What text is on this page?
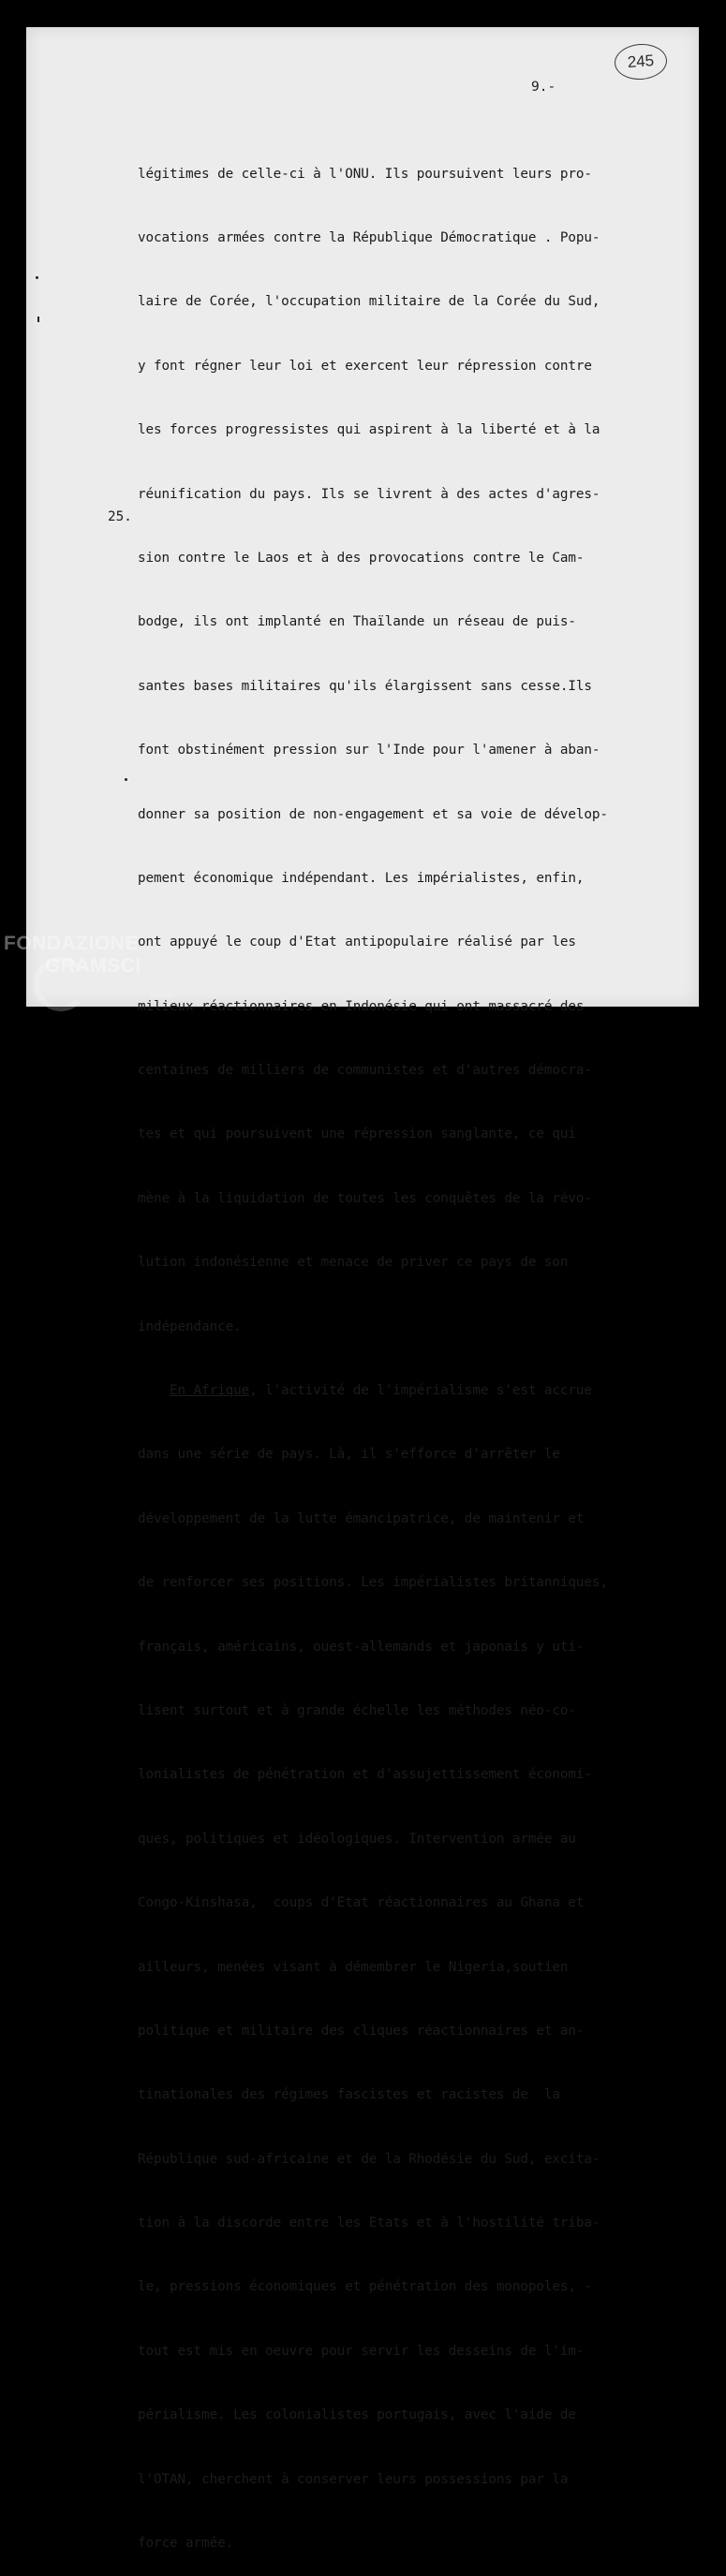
245
9.-

légitimes de celle-ci à l'ONU. Ils poursuivent leurs pro-

vocations armées contre la République Démocratique . Popu-

laire de Corée, l'occupation militaire de la Corée du Sud,

y font régner leur loi et exercent leur répression contre

les forces progressistes qui aspirent à la liberté et à la

réunification du pays. Ils se livrent à des actes d'agres-

sion contre le Laos et à des provocations contre le Cam-

bodge, ils ont implanté en Thaïlande un réseau de puis-

santes bases militaires qu'ils élargissent sans cesse.Ils

font obstinément pression sur l'Inde pour l'amener à aban-

donner sa position de non-engagement et sa voie de dévelop-

pement économique indépendant. Les impérialistes, enfin,

ont appuyé le coup d'Etat antipopulaire réalisé par les

milieux réactionnaires en Indonésie qui ont massacré des

centaines de milliers de communistes et d'autres démocra-

tes et qui poursuivent une répression sanglante, ce qui

mène à la liquidation de toutes les conquêtes de la révo-

lution indonésienne et menace de priver ce pays de son

indépendance.

En Afrique, l'activité de l'impérialisme s'est accrue

dans une série de pays. Là, il s'efforce d'arrêter le

développement de la lutte émancipatrice, de maintenir et

de renforcer ses positions. Les impérialistes britanniques,

français, américains, ouest-allemands et japonais y uti-

lisent surtout et à grande échelle les méthodes néo-co-

lonialistes de pénétration et d'assujettissement économi-

ques, politiques et idéologiques. Intervention armée au

Congo-Kinshasa,  coups d'Etat réactionnaires au Ghana et

ailleurs, menées visant à démembrer le Nigeria,soutien

politique et militaire des cliques réactionnaires et an-

tinationales des régimes fascistes et racistes de  la

République sud-africaine et de la Rhodésie du Sud, excita-

tion à la discorde entre les Etats et à l'hostilité triba-

le, pressions économiques et pénétration des monopoles, -

tout est mis en oeuvre pour servir les desseins de l'im-

périalisme. Les colonialistes portugais, avec l'aide de

l'OTAN, cherchent à conserver leurs possessions par la

force armée.

25.
FONDAZIONE
GRAMSCI
onlus
